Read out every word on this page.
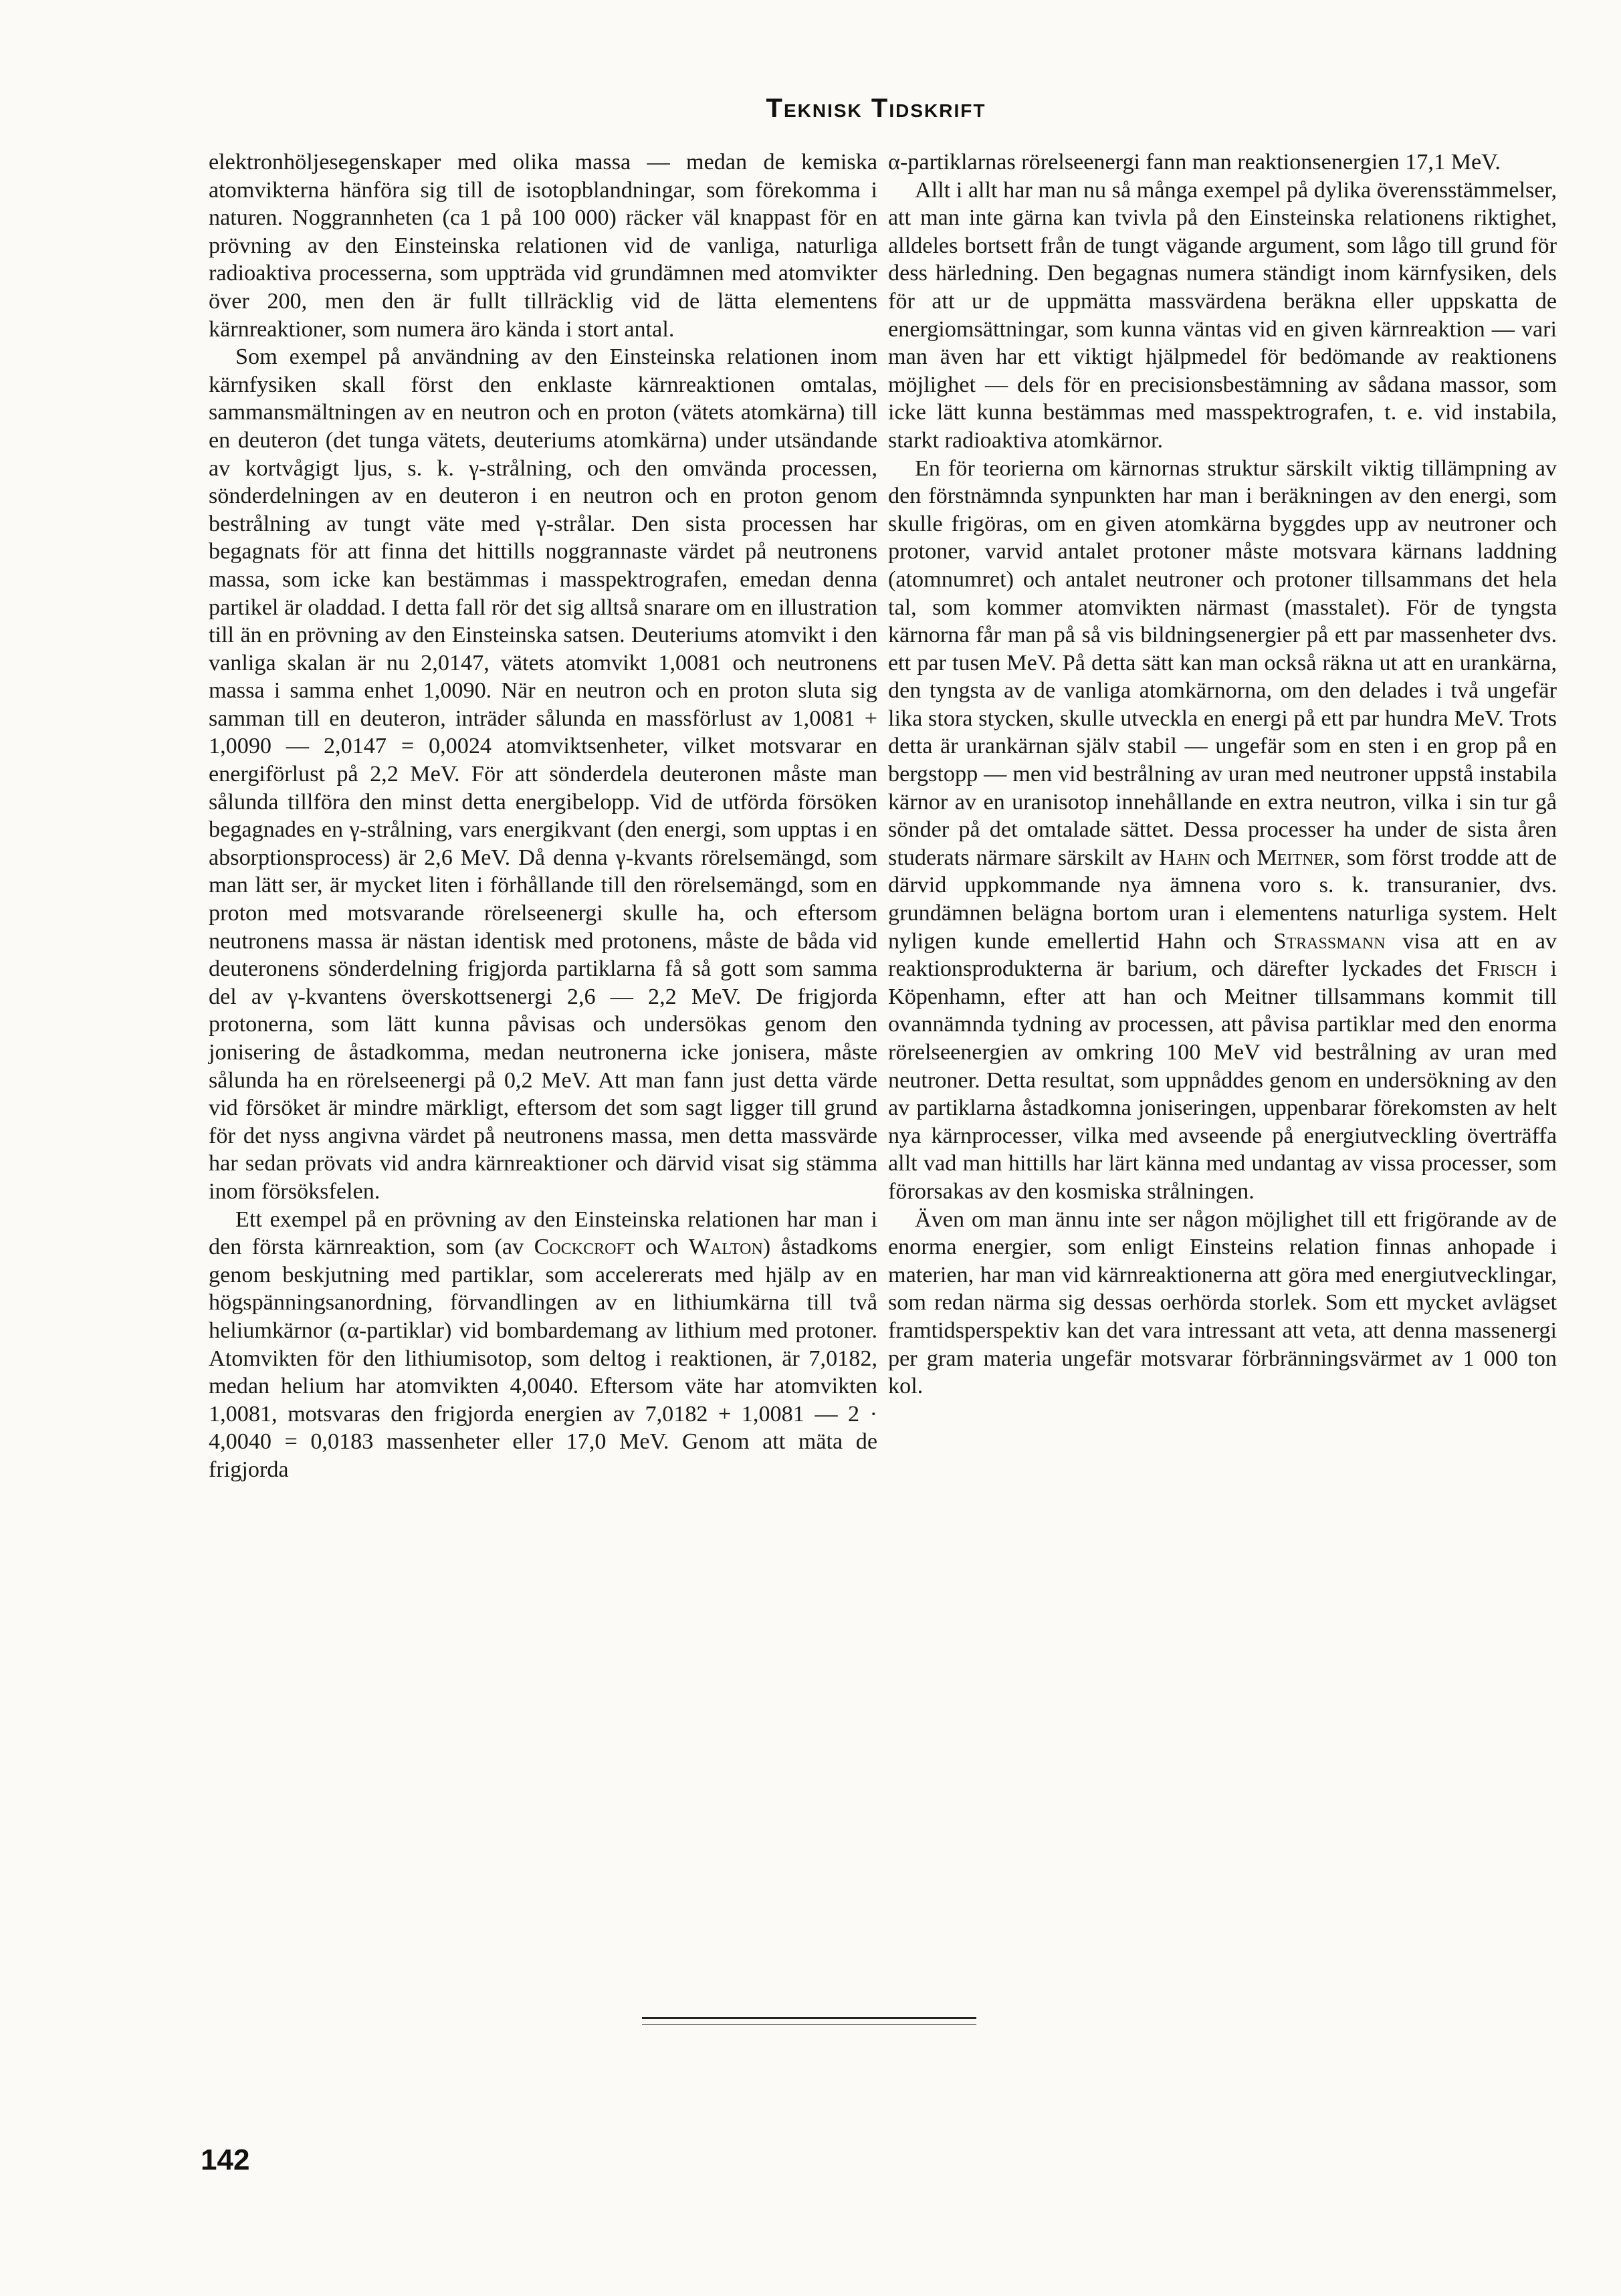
Teknisk Tidskrift

elektronhöljesegenskaper med olika massa — medan de kemiska atomvikterna hänföra sig till de isotopblandningar, som förekomma i naturen. Noggrannheten (ca 1 på 100 000) räcker väl knappast för en prövning av den Einsteinska relationen vid de vanliga, naturliga radioaktiva processerna, som uppträda vid grundämnen med atomvikter över 200, men den är fullt tillräcklig vid de lätta elementens kärnreaktioner, som numera äro kända i stort antal.

Som exempel på användning av den Einsteinska relationen inom kärnfysiken skall först den enklaste kärnreaktionen omtalas, sammansmältningen av en neutron och en proton (vätets atomkärna) till en deuteron (det tunga vätets, deuteriums atomkärna) under utsändande av kortvågigt ljus, s. k. γ-strålning, och den omvända processen, sönderdelningen av en deuteron i en neutron och en proton genom bestrålning av tungt väte med γ-strålar. Den sista processen har begagnats för att finna det hittills noggrannaste värdet på neutronens massa, som icke kan bestämmas i masspektrografen, emedan denna partikel är oladdad. I detta fall rör det sig alltså snarare om en illustration till än en prövning av den Einsteinska satsen. Deuteriums atomvikt i den vanliga skalan är nu 2,0147, vätets atomvikt 1,0081 och neutronens massa i samma enhet 1,0090. När en neutron och en proton sluta sig samman till en deuteron, inträder sålunda en massförlust av 1,0081 + 1,0090 — 2,0147 = 0,0024 atomviktsenheter, vilket motsvarar en energiförlust på 2,2 MeV. För att sönderdela deuteronen måste man sålunda tillföra den minst detta energibelopp. Vid de utförda försöken begagnades en γ-strålning, vars energikvant (den energi, som upptas i en absorptionsprocess) är 2,6 MeV. Då denna γ-kvants rörelsemängd, som man lätt ser, är mycket liten i förhållande till den rörelsemängd, som en proton med motsvarande rörelseenergi skulle ha, och eftersom neutronens massa är nästan identisk med protonens, måste de båda vid deuteronens sönderdelning frigjorda partiklarna få så gott som samma del av γ-kvantens överskottsenergi 2,6 — 2,2 MeV. De frigjorda protonerna, som lätt kunna påvisas och undersökas genom den jonisering de åstadkomma, medan neutronerna icke jonisera, måste sålunda ha en rörelseenergi på 0,2 MeV. Att man fann just detta värde vid försöket är mindre märkligt, eftersom det som sagt ligger till grund för det nyss angivna värdet på neutronens massa, men detta massvärde har sedan prövats vid andra kärnreaktioner och därvid visat sig stämma inom försöksfelen.

Ett exempel på en prövning av den Einsteinska relationen har man i den första kärnreaktion, som (av Cockcroft och Walton) åstadkoms genom beskjutning med partiklar, som accelererats med hjälp av en högspänningsanordning, förvandlingen av en lithiumkärna till två heliumkärnor (α-partiklar) vid bombardemang av lithium med protoner. Atomvikten för den lithiumisotop, som deltog i reaktionen, är 7,0182, medan helium har atomvikten 4,0040. Eftersom väte har atomvikten 1,0081, motsvaras den frigjorda energien av 7,0182 + 1,0081 — 2 · 4,0040 = 0,0183 massenheter eller 17,0 MeV. Genom att mäta de frigjorda

α-partiklarnas rörelseenergi fann man reaktionsenergien 17,1 MeV.

Allt i allt har man nu så många exempel på dylika överensstämmelser, att man inte gärna kan tvivla på den Einsteinska relationens riktighet, alldeles bortsett från de tungt vägande argument, som lågo till grund för dess härledning. Den begagnas numera ständigt inom kärnfysiken, dels för att ur de uppmätta massvärdena beräkna eller uppskatta de energiomsättningar, som kunna väntas vid en given kärnreaktion — vari man även har ett viktigt hjälpmedel för bedömande av reaktionens möjlighet — dels för en precisionsbestämning av sådana massor, som icke lätt kunna bestämmas med masspektrografen, t. e. vid instabila, starkt radioaktiva atomkärnor.

En för teorierna om kärnornas struktur särskilt viktig tillämpning av den förstnämnda synpunkten har man i beräkningen av den energi, som skulle frigöras, om en given atomkärna byggdes upp av neutroner och protoner, varvid antalet protoner måste motsvara kärnans laddning (atomnumret) och antalet neutroner och protoner tillsammans det hela tal, som kommer atomvikten närmast (masstalet). För de tyngsta kärnorna får man på så vis bildningsenergier på ett par massenheter dvs. ett par tusen MeV. På detta sätt kan man också räkna ut att en urankärna, den tyngsta av de vanliga atomkärnorna, om den delades i två ungefär lika stora stycken, skulle utveckla en energi på ett par hundra MeV. Trots detta är urankärnan själv stabil — ungefär som en sten i en grop på en bergstopp — men vid bestrålning av uran med neutroner uppstå instabila kärnor av en uranisotop innehållande en extra neutron, vilka i sin tur gå sönder på det omtalade sättet. Dessa processer ha under de sista åren studerats närmare särskilt av Hahn och Meitner, som först trodde att de därvid uppkommande nya ämnena voro s. k. transuranier, dvs. grundämnen belägna bortom uran i elementens naturliga system. Helt nyligen kunde emellertid Hahn och Strassmann visa att en av reaktionsprodukterna är barium, och därefter lyckades det Frisch i Köpenhamn, efter att han och Meitner tillsammans kommit till ovannämnda tydning av processen, att påvisa partiklar med den enorma rörelseenergien av omkring 100 MeV vid bestrålning av uran med neutroner. Detta resultat, som uppnåddes genom en undersökning av den av partiklarna åstadkomna joniseringen, uppenbarar förekomsten av helt nya kärnprocesser, vilka med avseende på energiutveckling överträffa allt vad man hittills har lärt känna med undantag av vissa processer, som förorsakas av den kosmiska strålningen.

Även om man ännu inte ser någon möjlighet till ett frigörande av de enorma energier, som enligt Einsteins relation finnas anhopade i materien, har man vid kärnreaktionerna att göra med energiutvecklingar, som redan närma sig dessas oerhörda storlek. Som ett mycket avlägset framtidsperspektiv kan det vara intressant att veta, att denna massenergi per gram materia ungefär motsvarar förbränningsvärmet av 1 000 ton kol.

142
